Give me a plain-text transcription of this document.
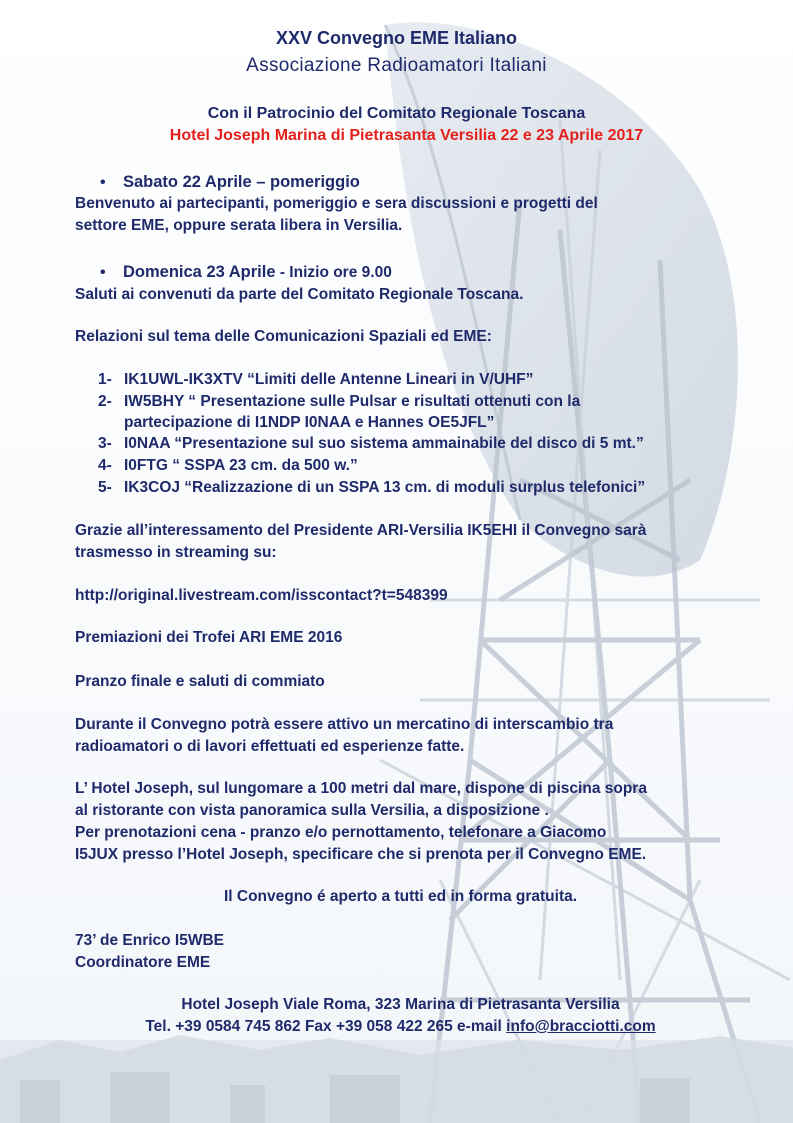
XXV Convegno EME Italiano

Associazione Radioamatori Italiani

Con il Patrocinio del Comitato Regionale Toscana

Hotel Joseph Marina di Pietrasanta Versilia 22 e 23 Aprile 2017

• Sabato 22 Aprile – pomeriggio

Benvenuto ai partecipanti, pomeriggio e sera discussioni e progetti del

settore EME, oppure serata libera in Versilia.

• Domenica 23 Aprile - Inizio ore 9.00

Saluti ai convenuti da parte del Comitato Regionale Toscana.

Relazioni sul tema delle Comunicazioni Spaziali ed EME:

1- IK1UWL-IK3XTV “Limiti delle Antenne Lineari in V/UHF”

2- IW5BHY “ Presentazione sulle Pulsar e risultati ottenuti con la

partecipazione di I1NDP I0NAA e Hannes OE5JFL”

3- I0NAA “Presentazione sul suo sistema ammainabile del disco di 5 mt.”

4- I0FTG “ SSPA 23 cm. da 500 w.”

5- IK3COJ “Realizzazione di un SSPA 13 cm. di moduli surplus telefonici”

Grazie all’interessamento del Presidente ARI-Versilia IK5EHI il Convegno sarà

trasmesso in streaming su:

http://original.livestream.com/isscontact?t=548399

Premiazioni dei Trofei ARI EME 2016

Pranzo finale e saluti di commiato

Durante il Convegno potrà essere attivo un mercatino di interscambio tra

radioamatori o di lavori effettuati ed esperienze fatte.

L’ Hotel Joseph, sul lungomare a 100 metri dal mare, dispone di piscina sopra

al ristorante con vista panoramica sulla Versilia, a disposizione .

Per prenotazioni cena - pranzo e/o pernottamento, telefonare a Giacomo

I5JUX presso l’Hotel Joseph, specificare che si prenota per il Convegno EME.

Il Convegno é aperto a tutti ed in forma gratuita.

73’ de Enrico I5WBE

Coordinatore EME

Hotel Joseph Viale Roma, 323 Marina di Pietrasanta Versilia

Tel. +39 0584 745 862 Fax +39 058 422 265 e-mail info@bracciotti.com
